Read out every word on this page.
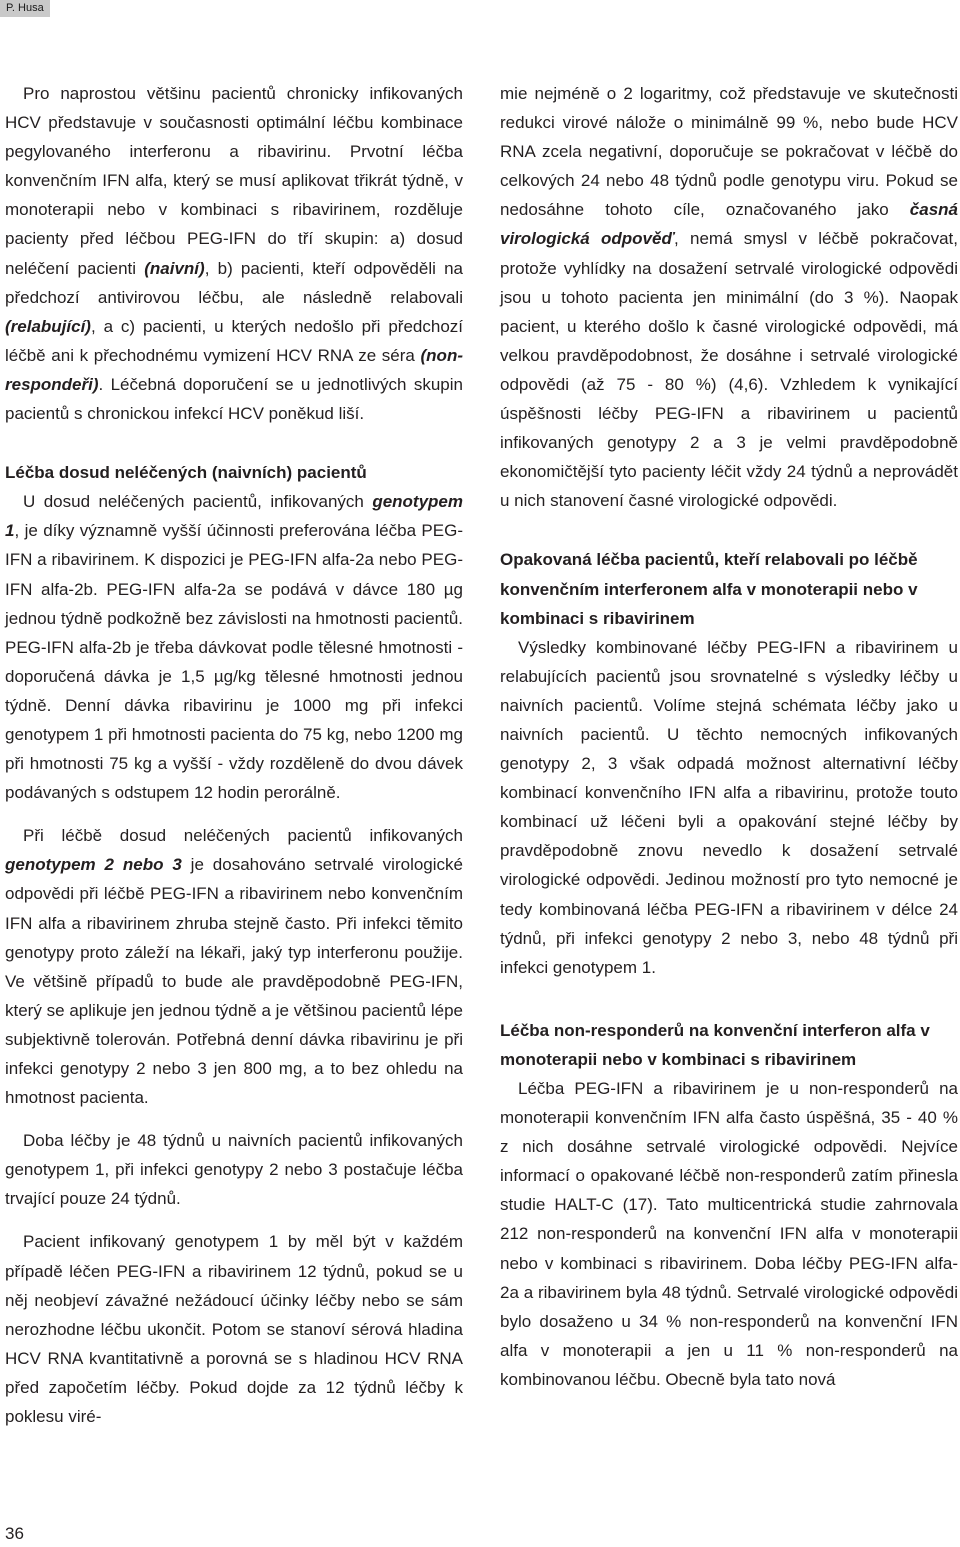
P. Husa

Pro naprostou většinu pacientů chronicky infikovaných HCV představuje v současnosti optimální léčbu kombinace pegylovaného interferonu a ribavirinu. Prvotní léčba konvenčním IFN alfa, který se musí aplikovat třikrát týdně, v monoterapii nebo v kombinaci s ribavirinem, rozděluje pacienty před léčbou PEG-IFN do tří skupin: a) dosud neléčení pacienti (naivní), b) pacienti, kteří odpověděli na předchozí antivirovou léčbu, ale následně relabovali (relabující), a c) pacienti, u kterých nedošlo při předchozí léčbě ani k přechodnému vymizení HCV RNA ze séra (non-respondeři). Léčebná doporučení se u jednotlivých skupin pacientů s chronickou infekcí HCV poněkud liší.

Léčba dosud neléčených (naivních) pacientů

U dosud neléčených pacientů, infikovaných genotypem 1, je díky významně vyšší účinnosti preferována léčba PEG-IFN a ribavirinem. K dispozici je PEG-IFN alfa-2a nebo PEG-IFN alfa-2b. PEG-IFN alfa-2a se podává v dávce 180 µg jednou týdně podkožně bez závislosti na hmotnosti pacientů. PEG-IFN alfa-2b je třeba dávkovat podle tělesné hmotnosti - doporučená dávka je 1,5 µg/kg tělesné hmotnosti jednou týdně. Denní dávka ribavirinu je 1000 mg při infekci genotypem 1 při hmotnosti pacienta do 75 kg, nebo 1200 mg při hmotnosti 75 kg a vyšší - vždy rozděleně do dvou dávek podávaných s odstupem 12 hodin perorálně.

Při léčbě dosud neléčených pacientů infikovaných genotypem 2 nebo 3 je dosahováno setrvalé virologické odpovědi při léčbě PEG-IFN a ribavirinem nebo konvenčním IFN alfa a ribavirinem zhruba stejně často. Při infekci těmito genotypy proto záleží na lékaři, jaký typ interferonu použije. Ve většině případů to bude ale pravděpodobně PEG-IFN, který se aplikuje jen jednou týdně a je většinou pacientů lépe subjektivně tolerován. Potřebná denní dávka ribavirinu je při infekci genotypy 2 nebo 3 jen 800 mg, a to bez ohledu na hmotnost pacienta.

Doba léčby je 48 týdnů u naivních pacientů infikovaných genotypem 1, při infekci genotypy 2 nebo 3 postačuje léčba trvající pouze 24 týdnů.

Pacient infikovaný genotypem 1 by měl být v každém případě léčen PEG-IFN a ribavirinem 12 týdnů, pokud se u něj neobjeví závažné nežádoucí účinky léčby nebo se sám nerozhodne léčbu ukončit. Potom se stanoví sérová hladina HCV RNA kvantitativně a porovná se s hladinou HCV RNA před započetím léčby. Pokud dojde za 12 týdnů léčby k poklesu viré-

mie nejméně o 2 logaritmy, což představuje ve skutečnosti redukci virové nálože o minimálně 99 %, nebo bude HCV RNA zcela negativní, doporučuje se pokračovat v léčbě do celkových 24 nebo 48 týdnů podle genotypu viru. Pokud se nedosáhne tohoto cíle, označovaného jako časná virologická odpověď, nemá smysl v léčbě pokračovat, protože vyhlídky na dosažení setrvalé virologické odpovědi jsou u tohoto pacienta jen minimální (do 3 %). Naopak pacient, u kterého došlo k časné virologické odpovědi, má velkou pravděpodobnost, že dosáhne i setrvalé virologické odpovědi (až 75 - 80 %) (4,6). Vzhledem k vynikající úspěšnosti léčby PEG-IFN a ribavirinem u pacientů infikovaných genotypy 2 a 3 je velmi pravděpodobně ekonomičtější tyto pacienty léčit vždy 24 týdnů a neprovádět u nich stanovení časné virologické odpovědi.

Opakovaná léčba pacientů, kteří relabovali po léčbě konvenčním interferonem alfa v monoterapii nebo v kombinaci s ribavirinem

Výsledky kombinované léčby PEG-IFN a ribavirinem u relabujících pacientů jsou srovnatelné s výsledky léčby u naivních pacientů. Volíme stejná schémata léčby jako u naivních pacientů. U těchto nemocných infikovaných genotypy 2, 3 však odpadá možnost alternativní léčby kombinací konvenčního IFN alfa a ribavirinu, protože touto kombinací už léčeni byli a opakování stejné léčby by pravděpodobně znovu nevedlo k dosažení setrvalé virologické odpovědi. Jedinou možností pro tyto nemocné je tedy kombinovaná léčba PEG-IFN a ribavirinem v délce 24 týdnů, při infekci genotypy 2 nebo 3, nebo 48 týdnů při infekci genotypem 1.

Léčba non-responderů na konvenční interferon alfa v monoterapii nebo v kombinaci s ribavirinem

Léčba PEG-IFN a ribavirinem je u non-responderů na monoterapii konvenčním IFN alfa často úspěšná, 35 - 40 % z nich dosáhne setrvalé virologické odpovědi. Nejvíce informací o opakované léčbě non-responderů zatím přinesla studie HALT-C (17). Tato multicentrická studie zahrnovala 212 non-responderů na konvenční IFN alfa v monoterapii nebo v kombinaci s ribavirinem. Doba léčby PEG-IFN alfa-2a a ribavirinem byla 48 týdnů. Setrvalé virologické odpovědi bylo dosaženo u 34 % non-responderů na konvenční IFN alfa v monoterapii a jen u 11 % non-responderů na kombinovanou léčbu. Obecně byla tato nová

36
